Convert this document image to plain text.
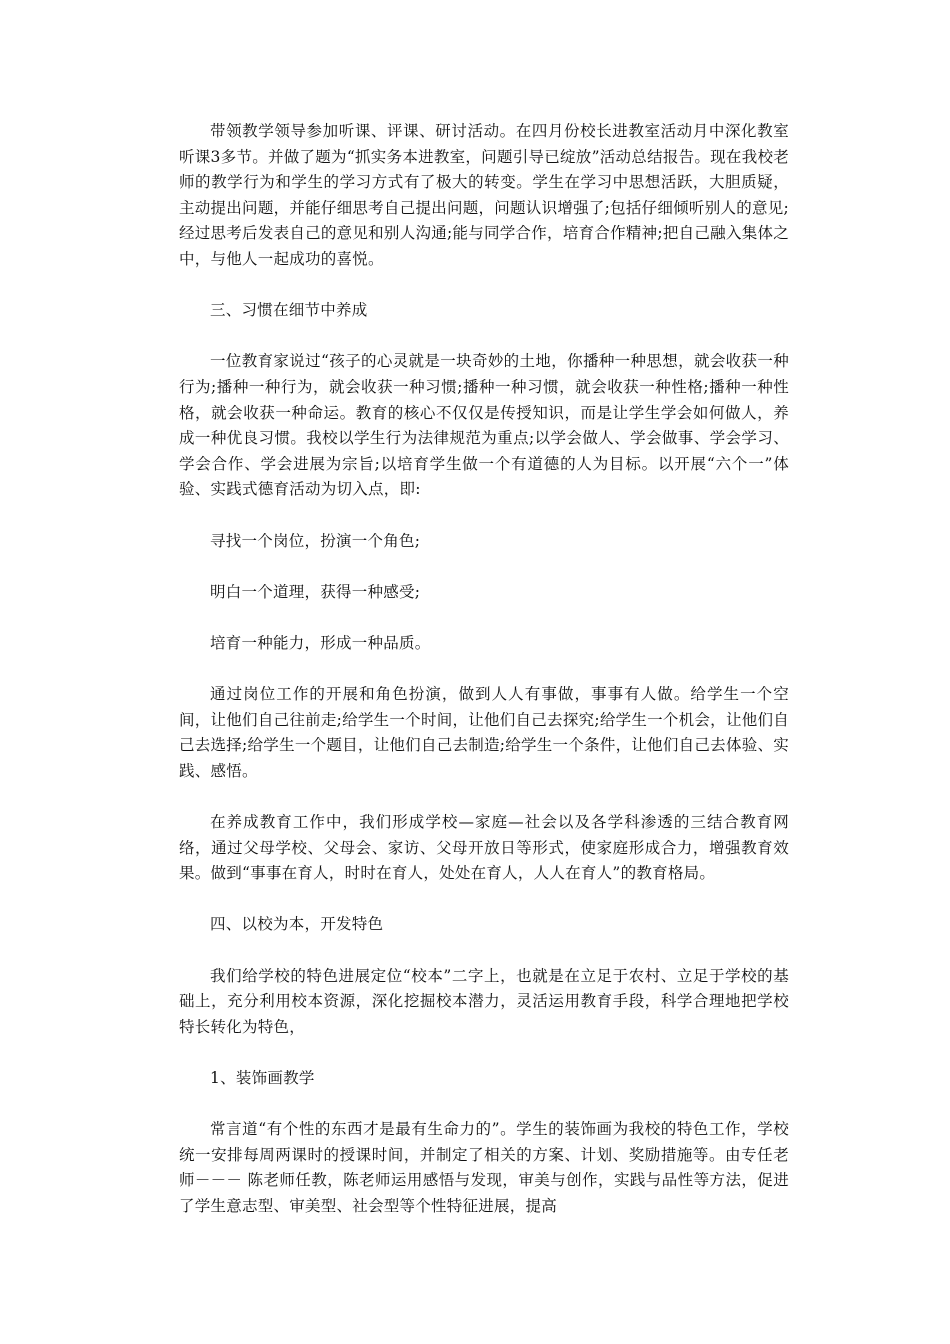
带领教学领导参加听课、评课、研讨活动。在四月份校长进教室活动月中深化教室听课3多节。并做了题为“抓实务本进教室，问题引导已绽放”活动总结报告。现在我校老师的教学行为和学生的学习方式有了极大的转变。学生在学习中思想活跃，大胆质疑，主动提出问题，并能仔细思考自己提出问题，问题认识增强了;包括仔细倾听别人的意见;经过思考后发表自己的意见和别人沟通;能与同学合作，培育合作精神;把自己融入集体之中，与他人一起成功的喜悦。

三、习惯在细节中养成

一位教育家说过“孩子的心灵就是一块奇妙的土地，你播种一种思想，就会收获一种行为;播种一种行为，就会收获一种习惯;播种一种习惯，就会收获一种性格;播种一种性格，就会收获一种命运。教育的核心不仅仅是传授知识，而是让学生学会如何做人，养成一种优良习惯。我校以学生行为法律规范为重点;以学会做人、学会做事、学会学习、学会合作、学会进展为宗旨;以培育学生做一个有道德的人为目标。以开展“六个一”体验、实践式德育活动为切入点，即:

寻找一个岗位，扮演一个角色;

明白一个道理，获得一种感受;

培育一种能力，形成一种品质。

通过岗位工作的开展和角色扮演，做到人人有事做，事事有人做。给学生一个空间，让他们自己往前走;给学生一个时间，让他们自己去探究;给学生一个机会，让他们自己去选择;给学生一个题目，让他们自己去制造;给学生一个条件，让他们自己去体验、实践、感悟。

在养成教育工作中，我们形成学校—家庭—社会以及各学科渗透的三结合教育网络，通过父母学校、父母会、家访、父母开放日等形式，使家庭形成合力，增强教育效果。做到“事事在育人，时时在育人，处处在育人，人人在育人”的教育格局。

四、以校为本，开发特色

我们给学校的特色进展定位“校本”二字上，也就是在立足于农村、立足于学校的基础上，充分利用校本资源，深化挖掘校本潜力，灵活运用教育手段，科学合理地把学校特长转化为特色，

1、装饰画教学

常言道“有个性的东西才是最有生命力的”。学生的装饰画为我校的特色工作，学校统一安排每周两课时的授课时间，并制定了相关的方案、计划、奖励措施等。由专任老师－－－ 陈老师任教，陈老师运用感悟与发现，审美与创作，实践与品性等方法，促进了学生意志型、审美型、社会型等个性特征进展，提高
